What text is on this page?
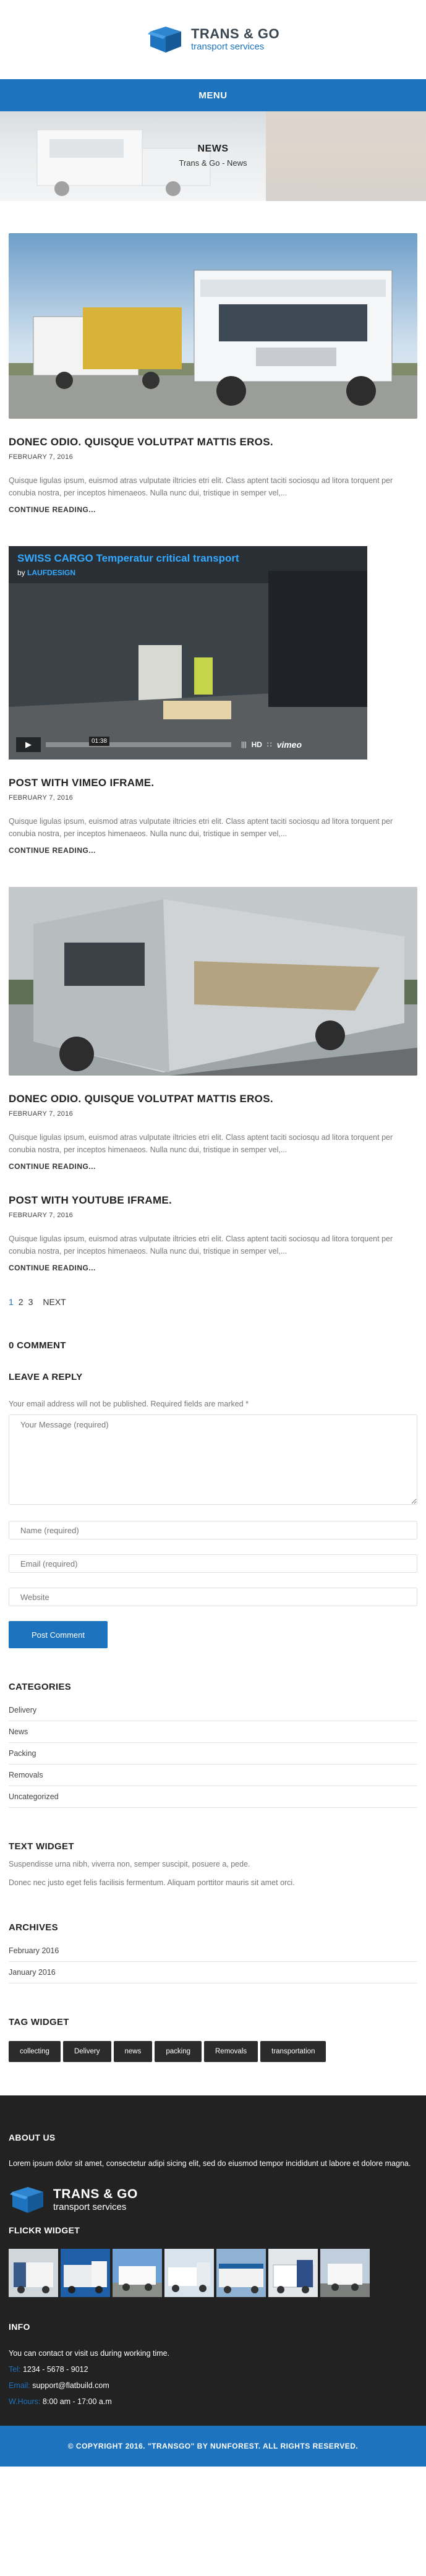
TRANS & GO
transport services
MENU
NEWS
Trans & Go - News
DONEC ODIO. QUISQUE VOLUTPAT MATTIS EROS.
FEBRUARY 7, 2016

Quisque ligulas ipsum, euismod atras vulputate iltricies etri elit. Class aptent taciti sociosqu ad litora torquent per conubia nostra, per inceptos himenaeos. Nulla nunc dui, tristique in semper vel,...

CONTINUE READING...
SWISS CARGO Temperatur critical transport
by LAUFDESIGN
▶	01:38	||| HD ∷ vimeo
POST WITH VIMEO IFRAME.
FEBRUARY 7, 2016

Quisque ligulas ipsum, euismod atras vulputate iltricies etri elit. Class aptent taciti sociosqu ad litora torquent per conubia nostra, per inceptos himenaeos. Nulla nunc dui, tristique in semper vel,...

CONTINUE READING...
DONEC ODIO. QUISQUE VOLUTPAT MATTIS EROS.
FEBRUARY 7, 2016

Quisque ligulas ipsum, euismod atras vulputate iltricies etri elit. Class aptent taciti sociosqu ad litora torquent per conubia nostra, per inceptos himenaeos. Nulla nunc dui, tristique in semper vel,...

CONTINUE READING...
POST WITH YOUTUBE IFRAME.
FEBRUARY 7, 2016

Quisque ligulas ipsum, euismod atras vulputate iltricies etri elit. Class aptent taciti sociosqu ad litora torquent per conubia nostra, per inceptos himenaeos. Nulla nunc dui, tristique in semper vel,...

CONTINUE READING...
1 2 3 NEXT
0 COMMENT
LEAVE A REPLY

Your email address will not be published. Required fields are marked *

Your Message (required)
Name (required)
Email (required)
Website
Post Comment
CATEGORIES
Delivery
News
Packing
Removals
Uncategorized
TEXT WIDGET

Suspendisse urna nibh, viverra non, semper suscipit, posuere a, pede.

Donec nec justo eget felis facilisis fermentum. Aliquam porttitor mauris sit amet orci.

ARCHIVES
February 2016
January 2016
TAG WIDGET
collecting	Delivery	news	packing	Removals	transportation
ABOUT US

Lorem ipsum dolor sit amet, consectetur adipi sicing elit, sed do eiusmod tempor incididunt ut labore et dolore magna.

TRANS & GO
transport services
FLICKR WIDGET
INFO

You can contact or visit us during working time.

Tel: 1234 - 5678 - 9012

Email: support@flatbuild.com

W.Hours: 8:00 am - 17:00 a.m

© COPYRIGHT 2016. "TRANSGO" BY NUNFOREST. ALL RIGHTS RESERVED.
